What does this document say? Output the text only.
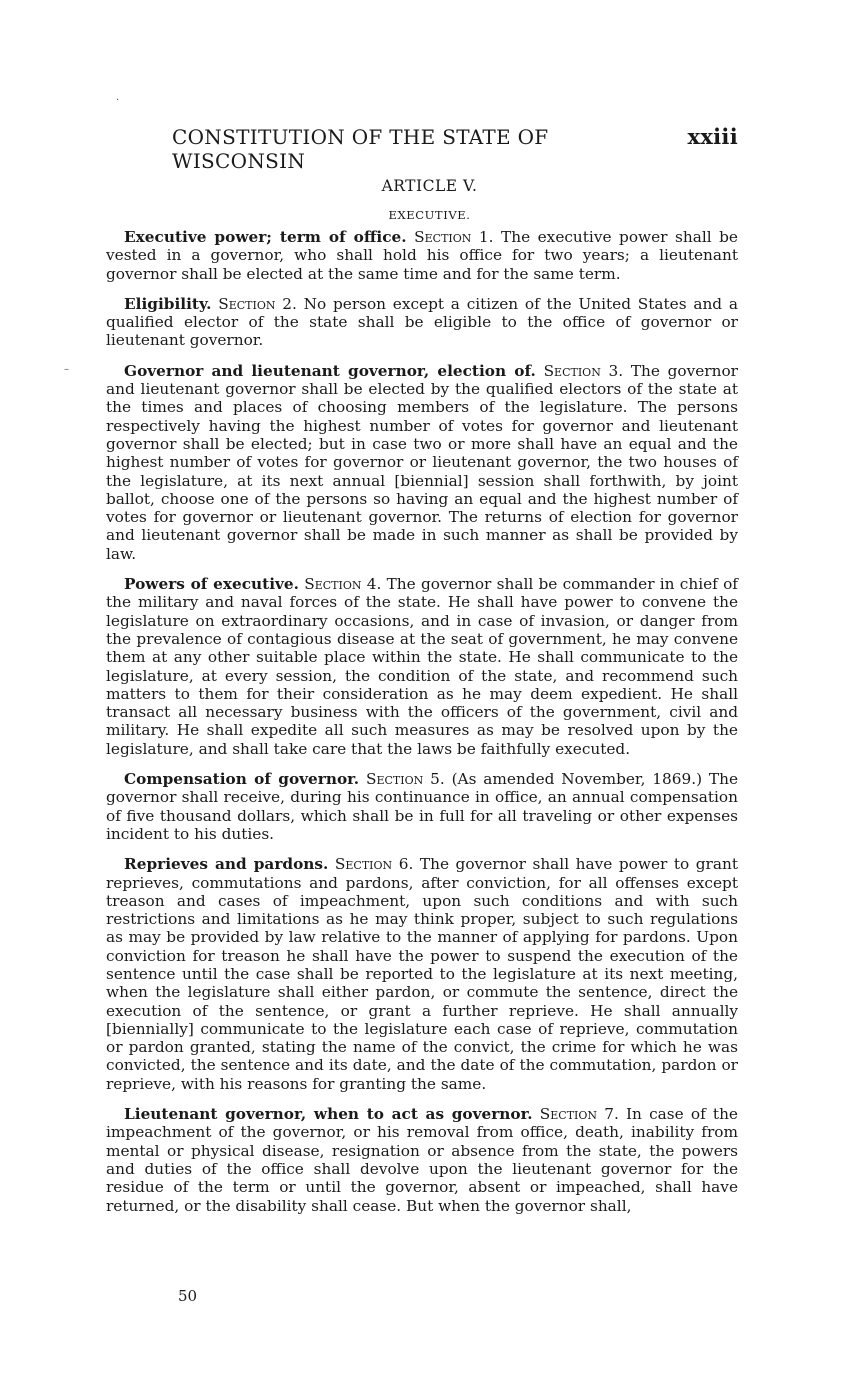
CONSTITUTION OF THE STATE OF WISCONSIN
xxiii
ARTICLE V.
EXECUTIVE.

Executive power; term of office. Section 1. The executive power shall be vested in a governor, who shall hold his office for two years; a lieutenant governor shall be elected at the same time and for the same term.

Eligibility. Section 2. No person except a citizen of the United States and a qualified elector of the state shall be eligible to the office of governor or lieutenant governor.

Governor and lieutenant governor, election of. Section 3. The governor and lieutenant governor shall be elected by the qualified electors of the state at the times and places of choosing members of the legislature. The persons respectively having the highest number of votes for governor and lieutenant governor shall be elected; but in case two or more shall have an equal and the highest number of votes for governor or lieutenant governor, the two houses of the legislature, at its next annual [biennial] session shall forthwith, by joint ballot, choose one of the persons so having an equal and the highest number of votes for governor or lieutenant governor. The returns of election for governor and lieutenant governor shall be made in such manner as shall be provided by law.

Powers of executive. Section 4. The governor shall be commander in chief of the military and naval forces of the state. He shall have power to convene the legislature on extraordinary occasions, and in case of invasion, or danger from the prevalence of contagious disease at the seat of government, he may convene them at any other suitable place within the state. He shall communicate to the legislature, at every session, the condition of the state, and recommend such matters to them for their consideration as he may deem expedient. He shall transact all necessary business with the officers of the government, civil and military. He shall expedite all such measures as may be resolved upon by the legislature, and shall take care that the laws be faithfully executed.

Compensation of governor. Section 5. (As amended November, 1869.) The governor shall receive, during his continuance in office, an annual compensation of five thousand dollars, which shall be in full for all traveling or other expenses incident to his duties.

Reprieves and pardons. Section 6. The governor shall have power to grant reprieves, commutations and pardons, after conviction, for all offenses except treason and cases of impeachment, upon such conditions and with such restrictions and limitations as he may think proper, subject to such regulations as may be provided by law relative to the manner of applying for pardons. Upon conviction for treason he shall have the power to suspend the execution of the sentence until the case shall be reported to the legislature at its next meeting, when the legislature shall either pardon, or commute the sentence, direct the execution of the sentence, or grant a further reprieve. He shall annually [biennially] communicate to the legislature each case of reprieve, commutation or pardon granted, stating the name of the convict, the crime for which he was convicted, the sentence and its date, and the date of the commutation, pardon or reprieve, with his reasons for granting the same.

Lieutenant governor, when to act as governor. Section 7. In case of the impeachment of the governor, or his removal from office, death, inability from mental or physical disease, resignation or absence from the state, the powers and duties of the office shall devolve upon the lieutenant governor for the residue of the term or until the governor, absent or impeached, shall have returned, or the disability shall cease. But when the governor shall,

50
.
–
